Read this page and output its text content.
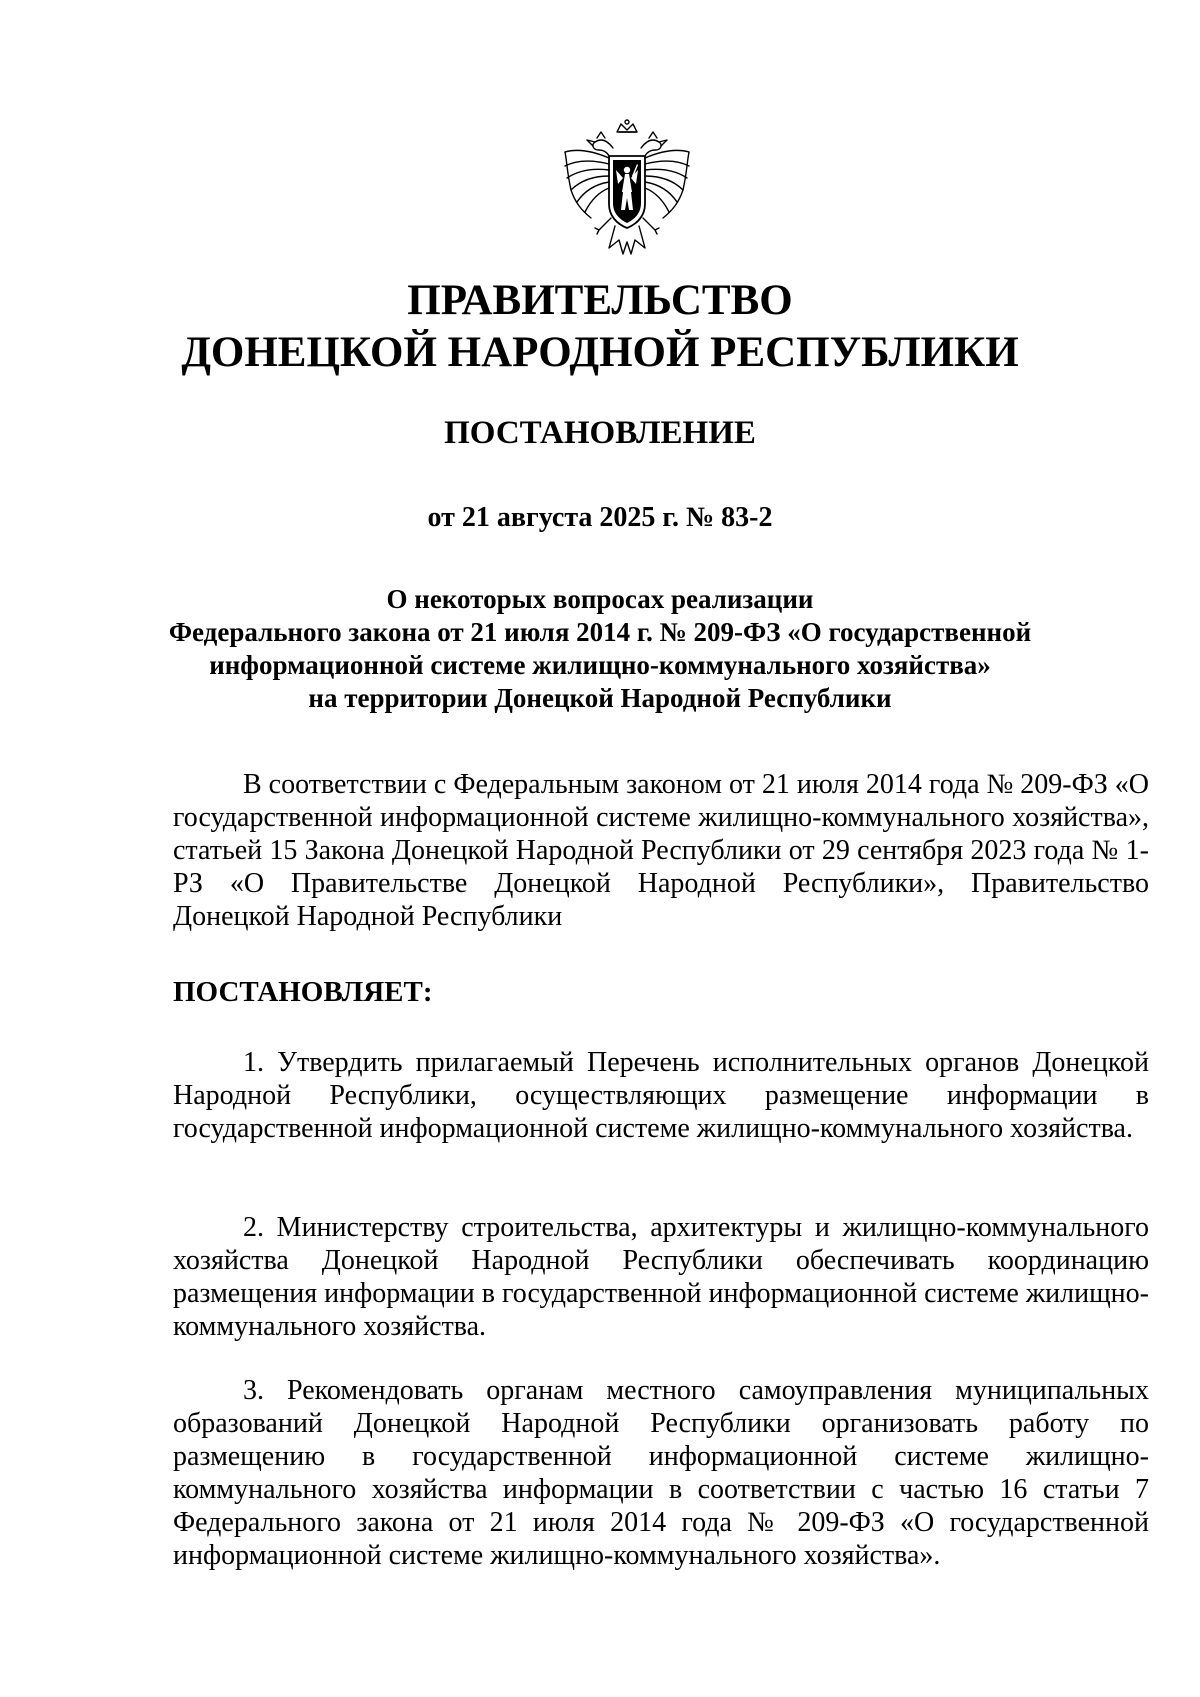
ПРАВИТЕЛЬСТВО
ДОНЕЦКОЙ НАРОДНОЙ РЕСПУБЛИКИ
ПОСТАНОВЛЕНИЕ

от 21 августа 2025 г. № 83-2

О некоторых вопросах реализации
Федерального закона от 21 июля 2014 г. № 209-ФЗ «О государственной
информационной системе жилищно-коммунального хозяйства»
на территории Донецкой Народной Республики

В соответствии с Федеральным законом от 21 июля 2014 года № 209-ФЗ «О государственной информационной системе жилищно-коммунального хозяйства», статьей 15 Закона Донецкой Народной Республики от 29 сентября 2023 года № 1-РЗ «О Правительстве Донецкой Народной Республики», Правительство Донецкой Народной Республики

ПОСТАНОВЛЯЕТ:

1. Утвердить прилагаемый Перечень исполнительных органов Донецкой Народной Республики, осуществляющих размещение информации в государственной информационной системе жилищно-коммунального хозяйства.

2. Министерству строительства, архитектуры и жилищно-коммунального хозяйства Донецкой Народной Республики обеспечивать координацию размещения информации в государственной информационной системе жилищно-коммунального хозяйства.

3. Рекомендовать органам местного самоуправления муниципальных образований Донецкой Народной Республики организовать работу по размещению в государственной информационной системе жилищно-коммунального хозяйства информации в соответствии с частью 16 статьи 7 Федерального закона от 21 июля 2014 года № 209-ФЗ «О государственной информационной системе жилищно-коммунального хозяйства».
